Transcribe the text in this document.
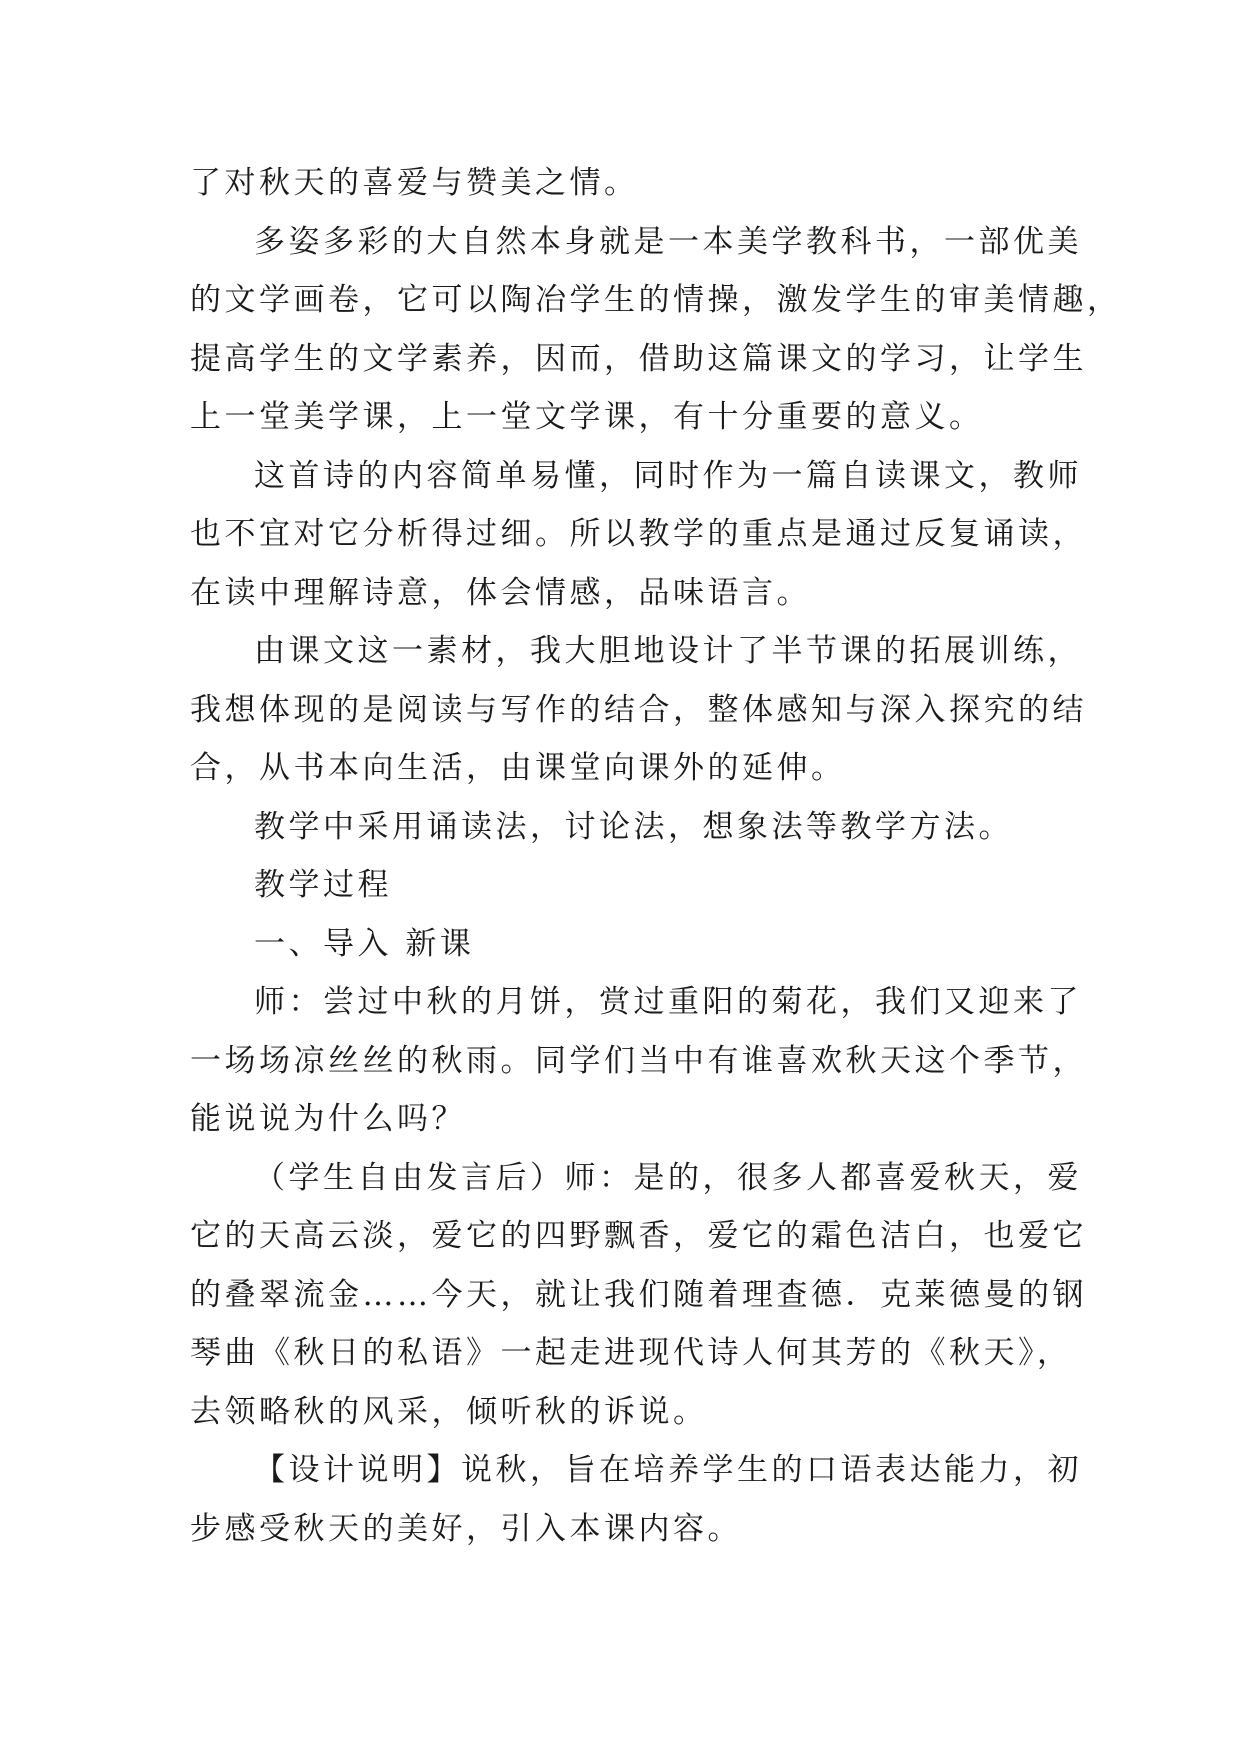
了对秋天的喜爱与赞美之情。
多姿多彩的大自然本身就是一本美学教科书，一部优美
的文学画卷，它可以陶冶学生的情操，激发学生的审美情趣，
提高学生的文学素养，因而，借助这篇课文的学习，让学生
上一堂美学课，上一堂文学课，有十分重要的意义。
这首诗的内容简单易懂，同时作为一篇自读课文，教师
也不宜对它分析得过细。所以教学的重点是通过反复诵读，
在读中理解诗意，体会情感，品味语言。
由课文这一素材，我大胆地设计了半节课的拓展训练，
我想体现的是阅读与写作的结合，整体感知与深入探究的结
合，从书本向生活，由课堂向课外的延伸。
教学中采用诵读法，讨论法，想象法等教学方法。
教学过程
一、导入 新课
师：尝过中秋的月饼，赏过重阳的菊花，我们又迎来了
一场场凉丝丝的秋雨。同学们当中有谁喜欢秋天这个季节，
能说说为什么吗？
（学生自由发言后）师：是的，很多人都喜爱秋天，爱
它的天高云淡，爱它的四野飘香，爱它的霜色洁白，也爱它
的叠翠流金……今天，就让我们随着理查德．克莱德曼的钢
琴曲《秋日的私语》一起走进现代诗人何其芳的《秋天》，
去领略秋的风采，倾听秋的诉说。
【设计说明】说秋，旨在培养学生的口语表达能力，初
步感受秋天的美好，引入本课内容。
